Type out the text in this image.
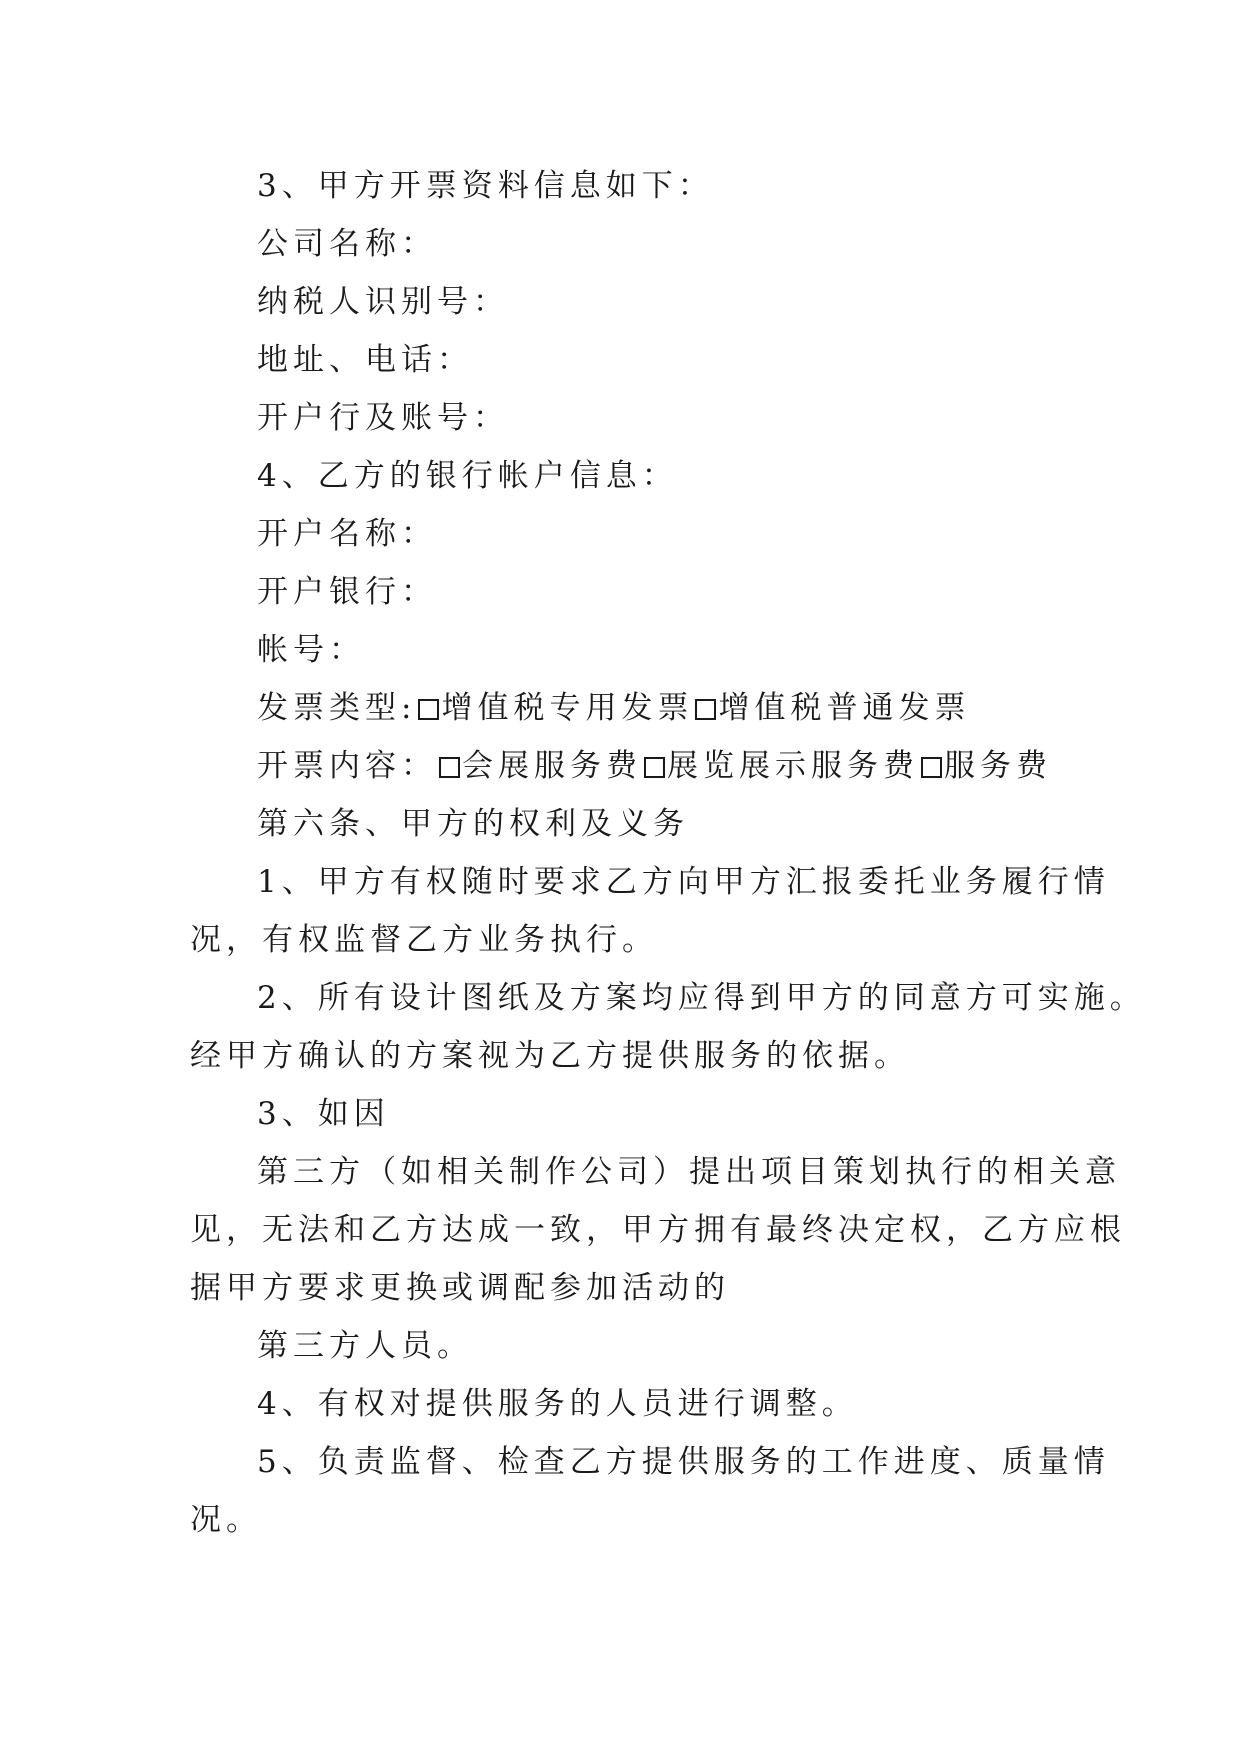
3、甲方开票资料信息如下：
公司名称：
纳税人识别号：
地址、电话：
开户行及账号：
4、乙方的银行帐户信息：
开户名称：
开户银行：
帐号：
发票类型: 增值税专用发票 增值税普通发票
开票内容： 会展服务费 展览展示服务费 服务费
第六条、甲方的权利及义务
1、甲方有权随时要求乙方向甲方汇报委托业务履行情
况，有权监督乙方业务执行。
2、所有设计图纸及方案均应得到甲方的同意方可实施。
经甲方确认的方案视为乙方提供服务的依据。
3、如因
第三方（如相关制作公司）提出项目策划执行的相关意
见，无法和乙方达成一致，甲方拥有最终决定权，乙方应根
据甲方要求更换或调配参加活动的
第三方人员。
4、有权对提供服务的人员进行调整。
5、负责监督、检查乙方提供服务的工作进度、质量情
况。
